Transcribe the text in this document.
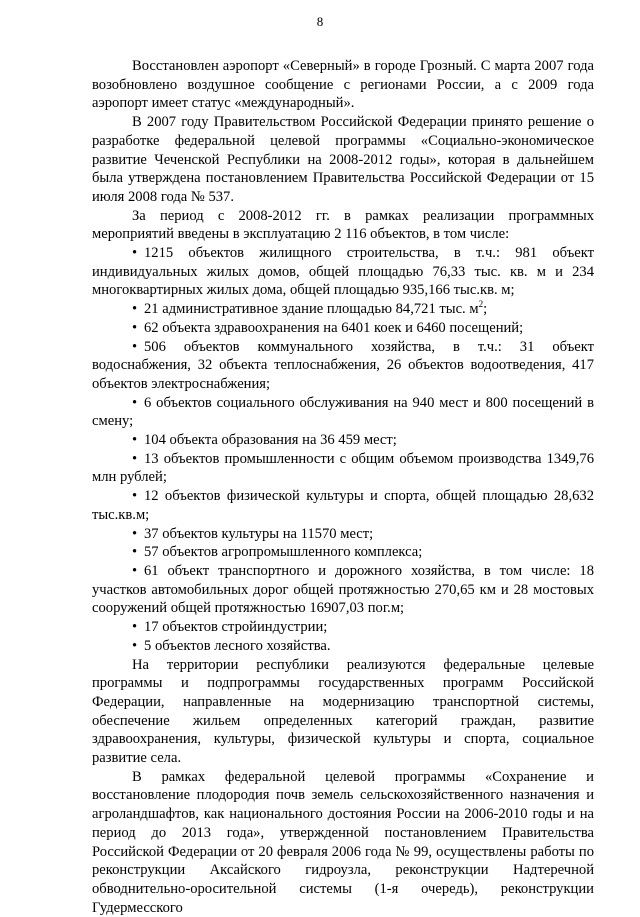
8

Восстановлен аэропорт «Северный» в городе Грозный. С марта 2007 года возобновлено воздушное сообщение с регионами России, а с 2009 года аэропорт имеет статус «международный».

В 2007 году Правительством Российской Федерации принято решение о разработке федеральной целевой программы «Социально-экономическое развитие Чеченской Республики на 2008-2012 годы», которая в дальнейшем была утверждена постановлением Правительства Российской Федерации от 15 июля 2008 года № 537.

За период с 2008-2012 гг. в рамках реализации программных мероприятий введены в эксплуатацию 2 116 объектов, в том числе:

• 1215 объектов жилищного строительства, в т.ч.: 981 объект индивидуальных жилых домов, общей площадью 76,33 тыс. кв. м и 234 многоквартирных жилых дома, общей площадью 935,166 тыс.кв. м;

• 21 административное здание площадью 84,721 тыс. $м^2$;

• 62 объекта здравоохранения на 6401 коек и 6460 посещений;

• 506 объектов коммунального хозяйства, в т.ч.: 31 объект водоснабжения, 32 объекта теплоснабжения, 26 объектов водоотведения, 417 объектов электроснабжения;

• 6 объектов социального обслуживания на 940 мест и 800 посещений в смену;

• 104 объекта образования на 36 459 мест;

• 13 объектов промышленности с общим объемом производства 1349,76 млн рублей;

• 12 объектов физической культуры и спорта, общей площадью 28,632 тыс.кв.м;

• 37 объектов культуры на 11570 мест;

• 57 объектов агропромышленного комплекса;

• 61 объект транспортного и дорожного хозяйства, в том числе: 18 участков автомобильных дорог общей протяжностью 270,65 км и 28 мостовых сооружений общей протяжностью 16907,03 пог.м;

• 17 объектов стройиндустрии;

• 5 объектов лесного хозяйства.

На территории республики реализуются федеральные целевые программы и подпрограммы государственных программ Российской Федерации, направленные на модернизацию транспортной системы, обеспечение жильем определенных категорий граждан, развитие здравоохранения, культуры, физической культуры и спорта, социальное развитие села.

В рамках федеральной целевой программы «Сохранение и восстановление плодородия почв земель сельскохозяйственного назначения и агроландшафтов, как национального достояния России на 2006-2010 годы и на период до 2013 года», утвержденной постановлением Правительства Российской Федерации от 20 февраля 2006 года № 99, осуществлены работы по реконструкции Аксайского гидроузла, реконструкции Надтеречной обводнительно-оросительной системы (1-я очередь), реконструкции Гудермесского
